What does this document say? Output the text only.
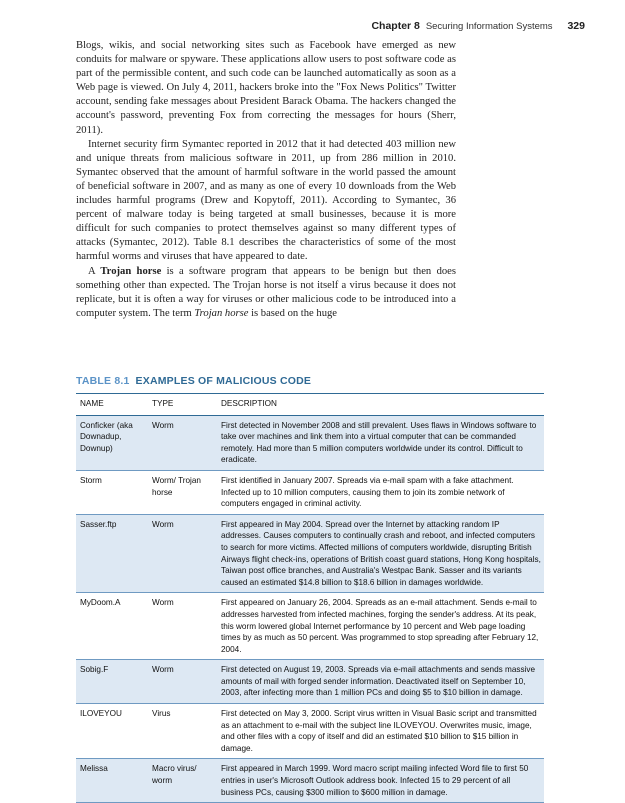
Chapter 8 Securing Information Systems 329

Blogs, wikis, and social networking sites such as Facebook have emerged as new conduits for malware or spyware. These applications allow users to post software code as part of the permissible content, and such code can be launched automatically as soon as a Web page is viewed. On July 4, 2011, hackers broke into the "Fox News Politics" Twitter account, sending fake messages about President Barack Obama. The hackers changed the account's password, preventing Fox from correcting the messages for hours (Sherr, 2011).

Internet security firm Symantec reported in 2012 that it had detected 403 million new and unique threats from malicious software in 2011, up from 286 million in 2010. Symantec observed that the amount of harmful software in the world passed the amount of beneficial software in 2007, and as many as one of every 10 downloads from the Web includes harmful programs (Drew and Kopytoff, 2011). According to Symantec, 36 percent of malware today is being targeted at small businesses, because it is more difficult for such companies to protect themselves against so many different types of attacks (Symantec, 2012). Table 8.1 describes the characteristics of some of the most harmful worms and viruses that have appeared to date.

A Trojan horse is a software program that appears to be benign but then does something other than expected. The Trojan horse is not itself a virus because it does not replicate, but it is often a way for viruses or other malicious code to be introduced into a computer system. The term Trojan horse is based on the huge

TABLE 8.1 EXAMPLES OF MALICIOUS CODE
NAME	TYPE	DESCRIPTION
Conficker (aka Downadup, Downup)	Worm	First detected in November 2008 and still prevalent. Uses flaws in Windows software to take over machines and link them into a virtual computer that can be commanded remotely. Had more than 5 million computers worldwide under its control. Difficult to eradicate.
Storm	Worm/ Trojan horse	First identified in January 2007. Spreads via e-mail spam with a fake attachment. Infected up to 10 million computers, causing them to join its zombie network of computers engaged in criminal activity.
Sasser.ftp	Worm	First appeared in May 2004. Spread over the Internet by attacking random IP addresses. Causes computers to continually crash and reboot, and infected computers to search for more victims. Affected millions of computers worldwide, disrupting British Airways flight check-ins, operations of British coast guard stations, Hong Kong hospitals, Taiwan post office branches, and Australia's Westpac Bank. Sasser and its variants caused an estimated $14.8 billion to $18.6 billion in damages worldwide.
MyDoom.A	Worm	First appeared on January 26, 2004. Spreads as an e-mail attachment. Sends e-mail to addresses harvested from infected machines, forging the sender's address. At its peak, this worm lowered global Internet performance by 10 percent and Web page loading times by as much as 50 percent. Was programmed to stop spreading after February 12, 2004.
Sobig.F	Worm	First detected on August 19, 2003. Spreads via e-mail attachments and sends massive amounts of mail with forged sender information. Deactivated itself on September 10, 2003, after infecting more than 1 million PCs and doing $5 to $10 billion in damage.
ILOVEYOU	Virus	First detected on May 3, 2000. Script virus written in Visual Basic script and transmitted as an attachment to e-mail with the subject line ILOVEYOU. Overwrites music, image, and other files with a copy of itself and did an estimated $10 billion to $15 billion in damage.
Melissa	Macro virus/ worm	First appeared in March 1999. Word macro script mailing infected Word file to first 50 entries in user's Microsoft Outlook address book. Infected 15 to 29 percent of all business PCs, causing $300 million to $600 million in damage.
